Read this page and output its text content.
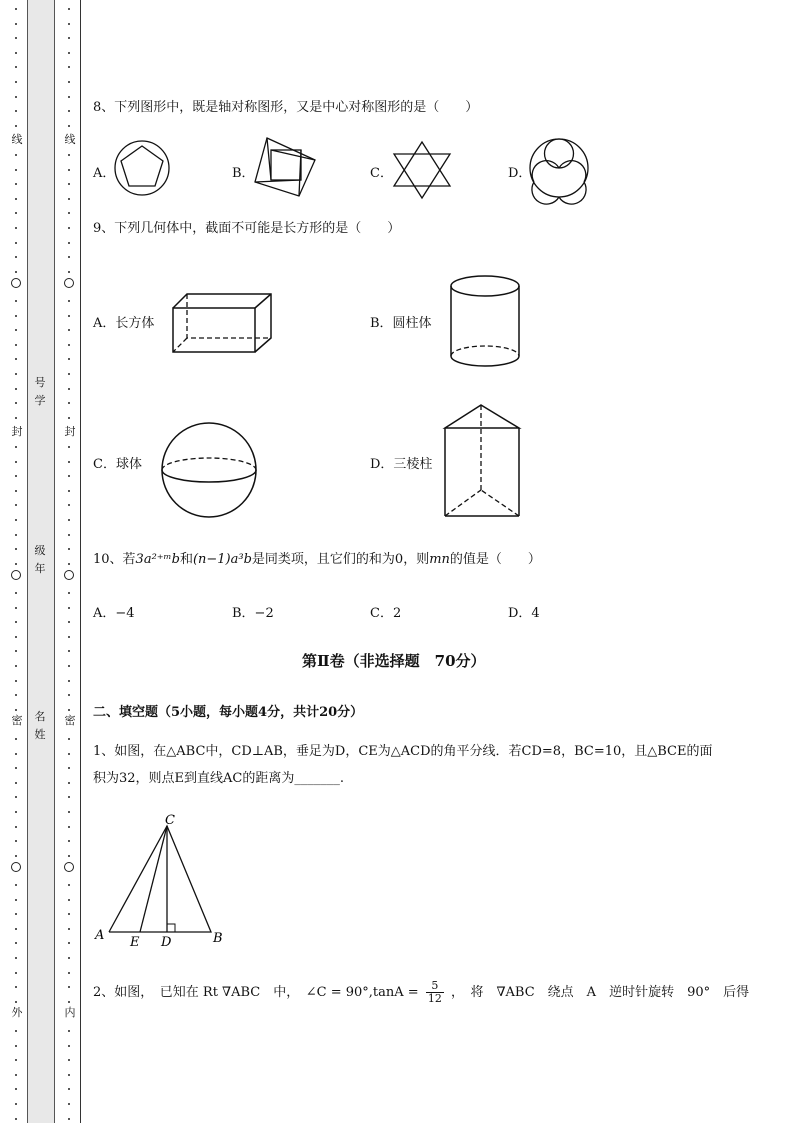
线
封
密
外
线
封
密
内
号
学
级
年
名
姓
8、下列图形中，既是轴对称图形，又是中心对称图形的是（　　）
A．	B．	C．	D．
9、下列几何体中，截面不可能是长方形的是（　　）
A．长方体	B．圆柱体
C．球体	D．三棱柱
10、若3a²⁺ᵐb和(n−1)a³b是同类项，且它们的和为0，则mn的值是（　　）
A．−4	B．−2	C．2	D．4
第Ⅱ卷（非选择题　70分）
二、填空题（5小题，每小题4分，共计20分）
1、如图，在△ABC中，CD⊥AB，垂足为D，CE为△ACD的角平分线．若CD=8，BC=10，且△BCE的面
积为32，则点E到直线AC的距离为_______.
C
A E D	B
2、如图，　已知在 Rt ∇ABC　中，　∠C = $90^\circ,\tan A = \frac{5}{12}$ ，　将　∇ABC　绕点　A　逆时针旋转　90°　后得
